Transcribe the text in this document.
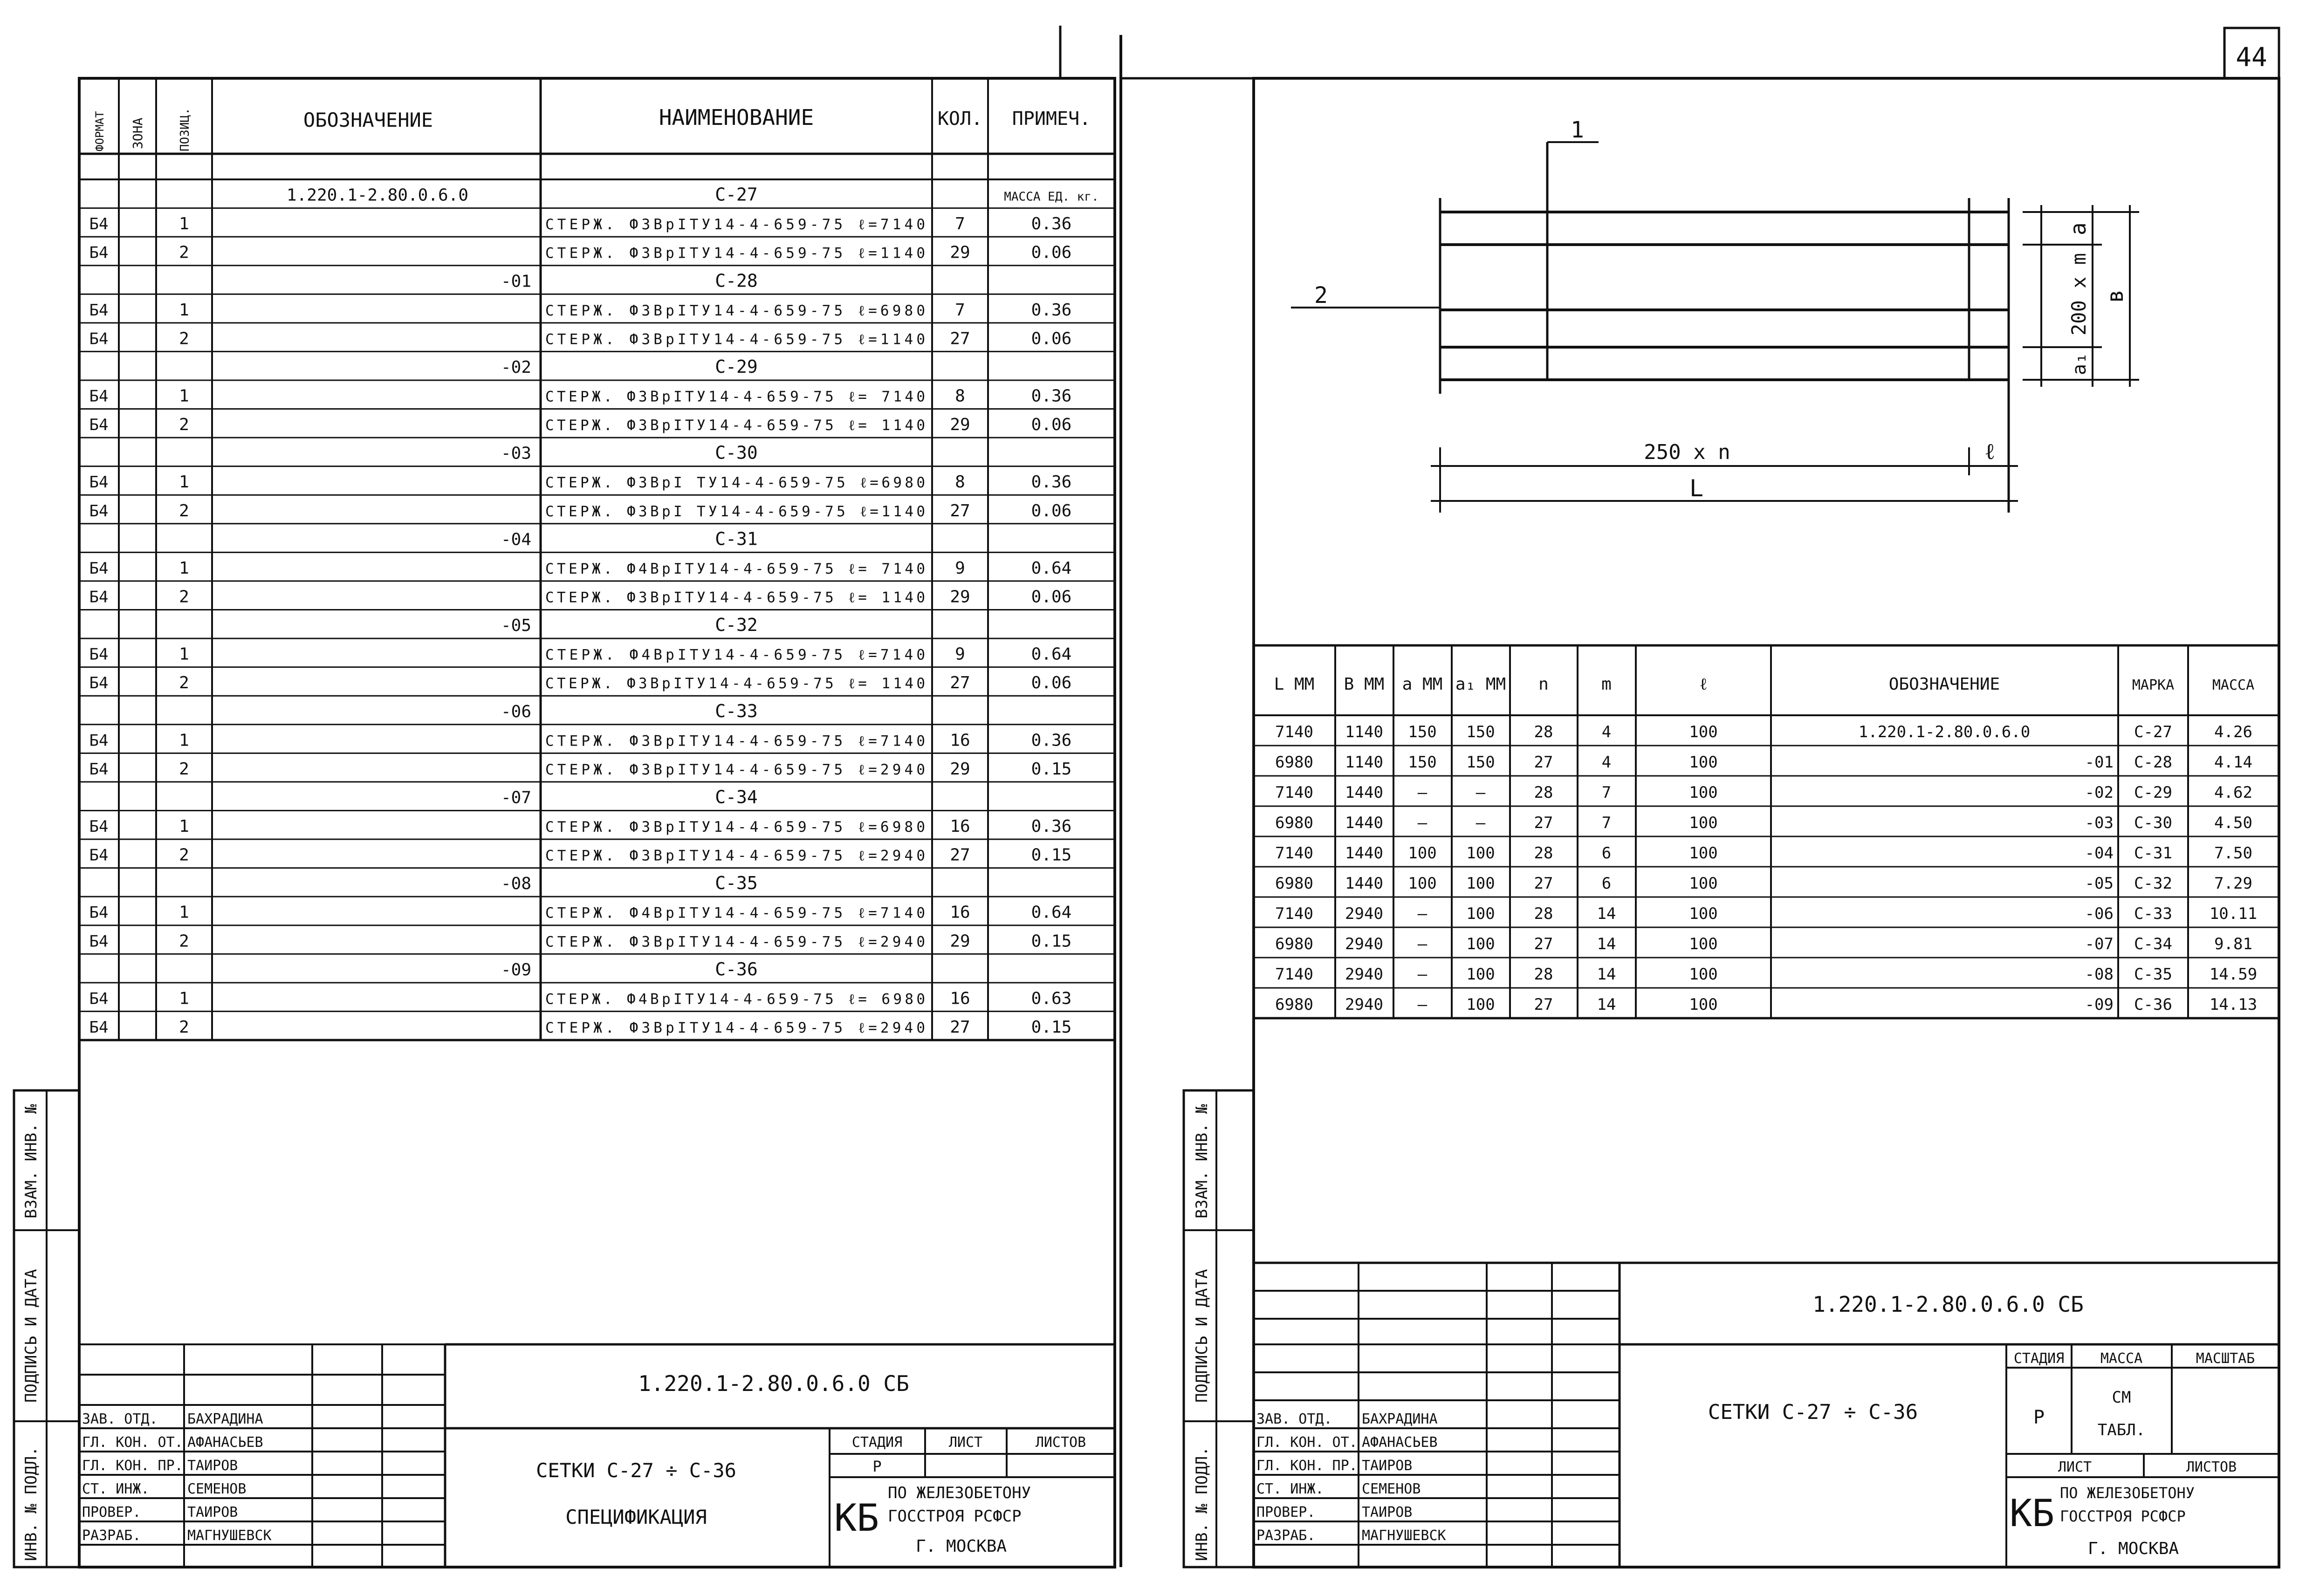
ВЗАМ. ИНВ. №
ПОДПИСЬ И ДАТА
ИНВ. № ПОДЛ.
1.220.1-2.80.0.6.0 СБ
ЗАВ. ОТД. БАХРАДИНА
ГЛ. КОН. ОТ. АФАНАСЬЕВ
ГЛ. КОН. ПР. ТАИРОВ
СТ. ИНЖ.	СЕМЕНОВ
ПРОВЕР.	ТАИРОВ
РАЗРАБ.	МАГНУШЕВСК
СЕТКИ С-27 ÷ С-36
СПЕЦИФИКАЦИЯ
СТАДИЯ	ЛИСТ	ЛИСТОВ
Р
КБ
ПО ЖЕЛЕЗОБЕТОНУ
ГОССТРОЯ РСФСР
Г. МОСКВА
ФОРМАТ ЗОНА	ПОЗИЦ.	ОБОЗНАЧЕНИЕ	НАИМЕНОВАНИЕ	КОЛ. ПРИМЕЧ.
1.220.1-2.80.0.6.0	С-27	МАССА ЕД. кг.
Б4	1	СТЕРЖ. Ф3ВрIТУ14-4-659-75 ℓ=7140 7	0.36
Б4	2	СТЕРЖ. Ф3ВрIТУ14-4-659-75 ℓ=1140 29	0.06
-01	С-28
Б4	1	СТЕРЖ. Ф3ВрIТУ14-4-659-75 ℓ=6980 7	0.36
Б4	2	СТЕРЖ. Ф3ВрIТУ14-4-659-75 ℓ=1140 27	0.06
-02	С-29
Б4	1	СТЕРЖ. Ф3ВрIТУ14-4-659-75 ℓ= 7140 8	0.36
Б4	2	СТЕРЖ. Ф3ВрIТУ14-4-659-75 ℓ= 1140 29	0.06
-03	С-30
Б4	1	СТЕРЖ. Ф3ВрI ТУ14-4-659-75 ℓ=6980 8	0.36
Б4	2	СТЕРЖ. Ф3ВрI ТУ14-4-659-75 ℓ=1140 27	0.06
-04	С-31
Б4	1	СТЕРЖ. Ф4ВрIТУ14-4-659-75 ℓ= 7140 9	0.64
Б4	2	СТЕРЖ. Ф3ВрIТУ14-4-659-75 ℓ= 1140 29	0.06
-05	С-32
Б4	1	СТЕРЖ. Ф4ВрIТУ14-4-659-75 ℓ=7140 9	0.64
Б4	2	СТЕРЖ. Ф3ВрIТУ14-4-659-75 ℓ= 1140 27	0.06
-06	С-33
Б4	1	СТЕРЖ. Ф3ВрIТУ14-4-659-75 ℓ=7140 16	0.36
Б4	2	СТЕРЖ. Ф3ВрIТУ14-4-659-75 ℓ=2940 29	0.15
-07	С-34
Б4	1	СТЕРЖ. Ф3ВрIТУ14-4-659-75 ℓ=6980 16	0.36
Б4	2	СТЕРЖ. Ф3ВрIТУ14-4-659-75 ℓ=2940 27	0.15
-08	С-35
Б4	1	СТЕРЖ. Ф4ВрIТУ14-4-659-75 ℓ=7140 16	0.64
Б4	2	СТЕРЖ. Ф3ВрIТУ14-4-659-75 ℓ=2940 29	0.15
-09	С-36
Б4	1	СТЕРЖ. Ф4ВрIТУ14-4-659-75 ℓ= 6980 16	0.63
Б4	2	СТЕРЖ. Ф3ВрIТУ14-4-659-75 ℓ=2940 27	0.15
44
1
2
a
200 x m
a₁
в
250 x n	ℓ
L
L ММ В ММ a ММ a₁ ММ n	m	ℓ	ОБОЗНАЧЕНИЕ	МАРКА	МАССА
7140 1140 150 150 28	4	100	1.220.1-2.80.0.6.0	С-27	4.26
6980 1140 150 150 27	4	100	-01 С-28	4.14
7140 1440 —	—	28	7	100	-02 С-29	4.62
6980 1440 —	—	27	7	100	-03 С-30	4.50
7140 1440 100 100 28	6	100	-04 С-31	7.50
6980 1440 100 100 27	6	100	-05 С-32	7.29
7140 2940 — 100 28	14	100	-06 С-33 10.11
6980 2940 — 100 27	14	100	-07 С-34	9.81
7140 2940 — 100 28	14	100	-08 С-35 14.59
6980 2940 — 100 27	14	100	-09 С-36 14.13
ВЗАМ. ИНВ. №
ПОДПИСЬ И ДАТА
ИНВ. № ПОДЛ.
1.220.1-2.80.0.6.0 СБ
ЗАВ. ОТД. БАХРАДИНА
ГЛ. КОН. ОТ. АФАНАСЬЕВ
ГЛ. КОН. ПР. ТАИРОВ
СТ. ИНЖ.	СЕМЕНОВ
ПРОВЕР.	ТАИРОВ
РАЗРАБ.	МАГНУШЕВСК
СЕТКИ С-27 ÷ С-36
СТАДИЯ	МАССА	МАСШТАБ
Р
СМ
ТАБЛ.
ЛИСТ	ЛИСТОВ
КБ ПО ЖЕЛЕЗОБЕТОНУ
ГОССТРОЯ РСФСР
Г. МОСКВА
